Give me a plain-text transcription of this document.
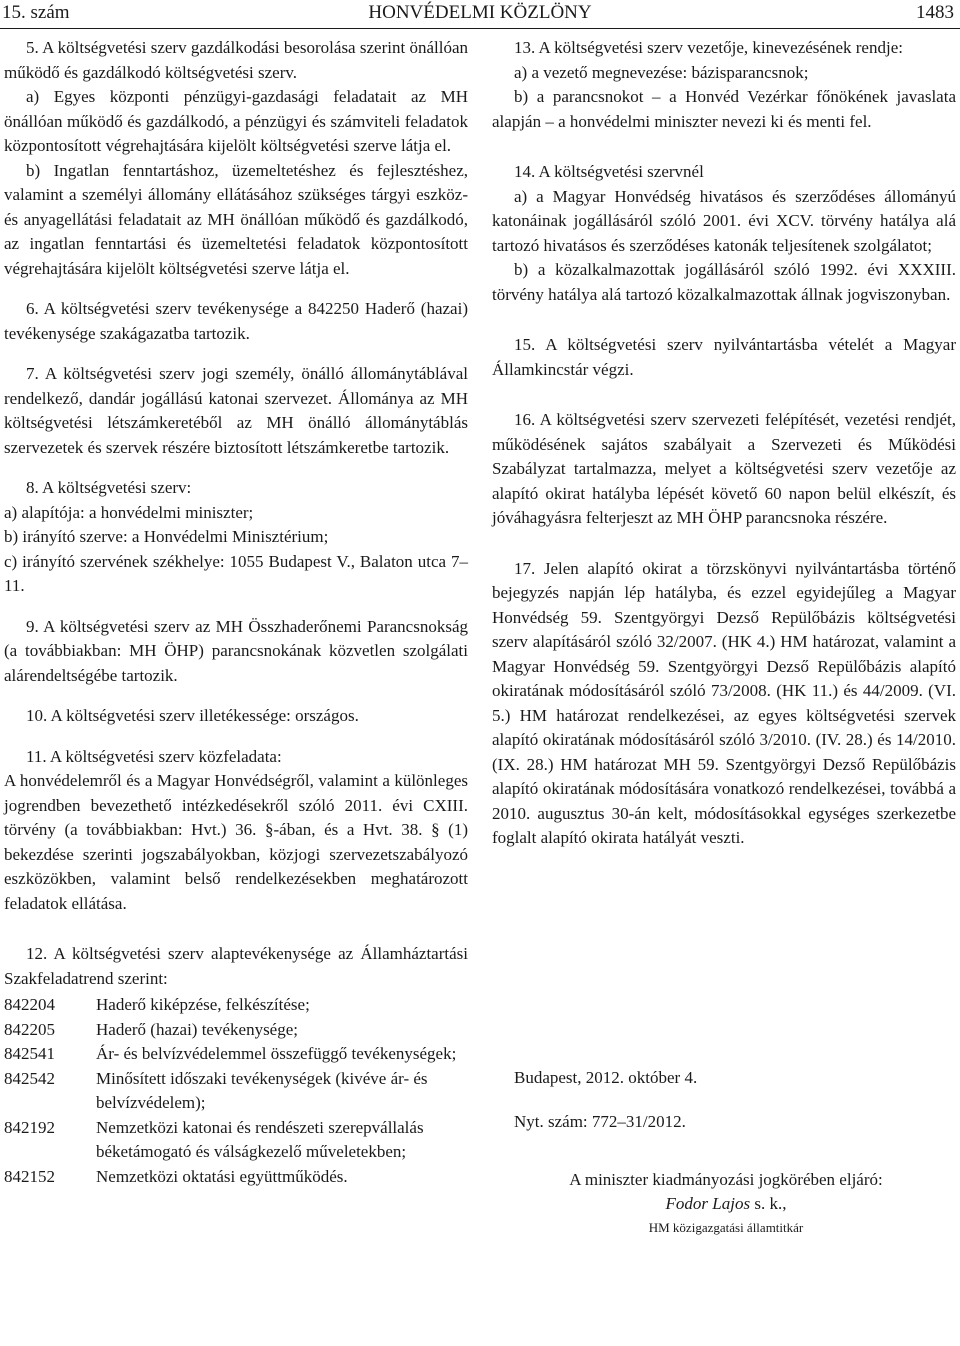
15. szám	HONVÉDELMI KÖZLÖNY	1483

5. A költségvetési szerv gazdálkodási besorolása szerint önállóan működő és gazdálkodó költségvetési szerv.

a) Egyes központi pénzügyi-gazdasági feladatait az MH önállóan működő és gazdálkodó, a pénzügyi és számviteli feladatok központosított végrehajtására kijelölt költségvetési szerve látja el.

b) Ingatlan fenntartáshoz, üzemeltetéshez és fejlesztéshez, valamint a személyi állomány ellátásához szükséges tárgyi eszköz- és anyagellátási feladatait az MH önállóan működő és gazdálkodó, az ingatlan fenntartási és üzemeltetési feladatok központosított végrehajtására kijelölt költségvetési szerve látja el.

6. A költségvetési szerv tevékenysége a 842250 Haderő (hazai) tevékenysége szakágazatba tartozik.

7. A költségvetési szerv jogi személy, önálló állománytáblával rendelkező, dandár jogállású katonai szervezet. Állománya az MH költségvetési létszámkeretéből az MH önálló állománytáblás szervezetek és szervek részére biztosított létszámkeretbe tartozik.

8. A költségvetési szerv:

a) alapítója: a honvédelmi miniszter;

b) irányító szerve: a Honvédelmi Minisztérium;

c) irányító szervének székhelye: 1055 Budapest V., Balaton utca 7–11.

9. A költségvetési szerv az MH Összhaderőnemi Parancsnokság (a továbbiakban: MH ÖHP) parancsnokának közvetlen szolgálati alárendeltségébe tartozik.

10. A költségvetési szerv illetékessége: országos.

11. A költségvetési szerv közfeladata:

A honvédelemről és a Magyar Honvédségről, valamint a különleges jogrendben bevezethető intézkedésekről szóló 2011. évi CXIII. törvény (a továbbiakban: Hvt.) 36. §-ában, és a Hvt. 38. § (1) bekezdése szerinti jogszabályokban, közjogi szervezetszabályozó eszközökben, valamint belső rendelkezésekben meghatározott feladatok ellátása.

12. A költségvetési szerv alaptevékenysége az Államháztartási Szakfeladatrend szerint:

842204	Haderő kiképzése, felkészítése;
842205	Haderő (hazai) tevékenysége;
842541	Ár- és belvízvédelemmel összefüggő tevékenységek;
842542	Minősített időszaki tevékenységek (kivéve ár- és belvízvédelem);
842192	Nemzetközi katonai és rendészeti szerepvállalás béketámogató és válságkezelő műveletekben;
842152	Nemzetközi oktatási együttműködés.

13. A költségvetési szerv vezetője, kinevezésének rendje:

a) a vezető megnevezése: bázisparancsnok;

b) a parancsnokot – a Honvéd Vezérkar főnökének javaslata alapján – a honvédelmi miniszter nevezi ki és menti fel.

14. A költségvetési szervnél

a) a Magyar Honvédség hivatásos és szerződéses állományú katonáinak jogállásáról szóló 2001. évi XCV. törvény hatálya alá tartozó hivatásos és szerződéses katonák teljesítenek szolgálatot;

b) a közalkalmazottak jogállásáról szóló 1992. évi XXXIII. törvény hatálya alá tartozó közalkalmazottak állnak jogviszonyban.

15. A költségvetési szerv nyilvántartásba vételét a Magyar Államkincstár végzi.

16. A költségvetési szerv szervezeti felépítését, vezetési rendjét, működésének sajátos szabályait a Szervezeti és Működési Szabályzat tartalmazza, melyet a költségvetési szerv vezetője az alapító okirat hatályba lépését követő 60 napon belül elkészít, és jóváhagyásra felterjeszt az MH ÖHP parancsnoka részére.

17. Jelen alapító okirat a törzskönyvi nyilvántartásba történő bejegyzés napján lép hatályba, és ezzel egyidejűleg a Magyar Honvédség 59. Szentgyörgyi Dezső Repülőbázis költségvetési szerv alapításáról szóló 32/2007. (HK 4.) HM határozat, valamint a Magyar Honvédség 59. Szentgyörgyi Dezső Repülőbázis alapító okiratának módosításáról szóló 73/2008. (HK 11.) és 44/2009. (VI. 5.) HM határozat rendelkezései, az egyes költségvetési szervek alapító okiratának módosításáról szóló 3/2010. (IV. 28.) és 14/2010. (IX. 28.) HM határozat MH 59. Szentgyörgyi Dezső Repülőbázis alapító okiratának módosítására vonatkozó rendelkezései, továbbá a 2010. augusztus 30-án kelt, módosításokkal egységes szerkezetbe foglalt alapító okirata hatályát veszti.

Budapest, 2012. október 4.
Nyt. szám: 772–31/2012.
A miniszter kiadmányozási jogkörében eljáró:
Fodor Lajos s. k.,
HM közigazgatási államtitkár
